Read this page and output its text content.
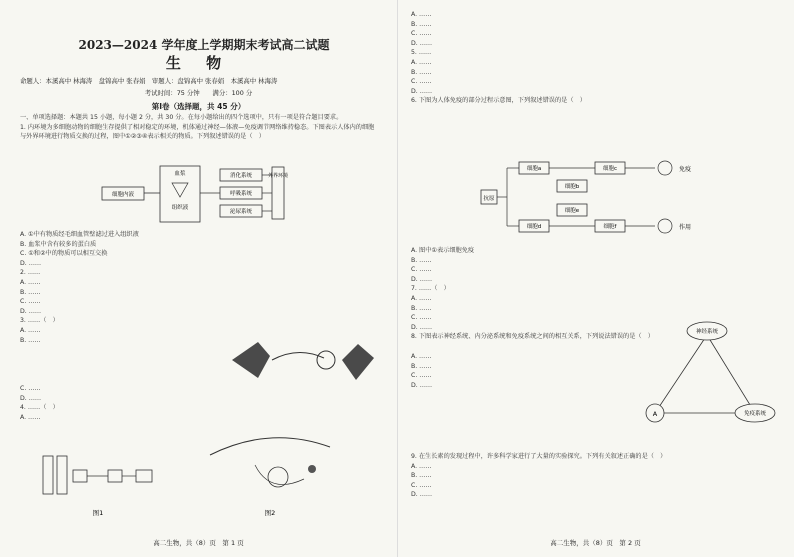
2023—2024 学年度上学期期末考试高二试题
生 物
命题人：本溪高中 林海涛　盘锦高中 张春娟　审题人：盘锦高中 张春娟　本溪高中 林海涛
考试时间：75 分钟　　满分：100 分
第Ⅰ卷（选择题，共 45 分）

一、单项选择题：本题共 15 小题，每小题 2 分，共 30 分。在每小题给出的四个选项中，只有一项是符合题目要求。

1. 内环境为多细胞动物的细胞生存提供了相对稳定的环境，机体通过神经—体液—免疫调节网络维持稳态。下图表示人体内的细胞与外界环境进行物质交换的过程，图中①②③④表示相关的物质。下列叙述错误的是（　）

细胞内液
血浆
组织液
消化系统
呼吸系统
泌尿系统
外界环境

A. ①中有物质经毛细血管壁滤过进入组织液

B. 血浆中含有较多的蛋白质

C. ①和②中的物质可以相互交换

D. ……

2. ……

A. ……

B. ……

C. ……

D. ……

3. ……（　）

A. ……

B. ……

C. ……

D. ……

4. ……（　）

A. ……

图1	图2
高二生物，共（8）页　第 1 页

A. ……

B. ……

C. ……

D. ……

5. ……

A. ……

B. ……

C. ……

D. ……

6. 下图为人体免疫的部分过程示意图，下列叙述错误的是（　）

抗原
细胞a
细胞b
细胞c
细胞d
细胞e
细胞f
免疫
作用

A. 图中①表示细胞免疫

B. ……

C. ……

D. ……

7. ……（　）

A. ……

B. ……

C. ……

D. ……

8. 下图表示神经系统、内分泌系统和免疫系统之间的相互关系，下列说法错误的是（　）

A. ……

B. ……

C. ……

D. ……

神经系统
A	免疫系统

9. 在生长素的发现过程中，许多科学家进行了大量的实验探究。下列有关叙述正确的是（　）

A. ……

B. ……

C. ……

D. ……

高二生物，共（8）页　第 2 页
